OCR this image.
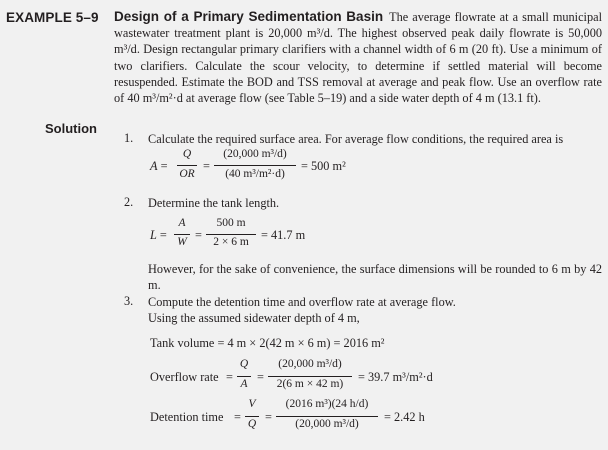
EXAMPLE 5–9 Design of a Primary Sedimentation Basin The average flowrate at a small municipal wastewater treatment plant is 20,000 m³/d. The highest observed peak daily flowrate is 50,000 m³/d. Design rectangular primary clarifiers with a channel width of 6 m (20 ft). Use a minimum of two clarifiers. Calculate the scour velocity, to determine if settled material will become resuspended. Estimate the BOD and TSS removal at average and peak flow. Use an overflow rate of 40 m³/m²·d at average flow (see Table 5–19) and a side water depth of 4 m (13.1 ft).
Solution
1. Calculate the required surface area. For average flow conditions, the required area is
A =
Q
OR
=
(20,000 m³/d)
(40 m³/m²·d)
= 500 m²
2. Determine the tank length.
L =
A
W =
500 m
2 × 6 m = 41.7 m
However, for the sake of convenience, the surface dimensions will be rounded to 6 m by 42 m.
3. Compute the detention time and overflow rate at average flow.
Using the assumed sidewater depth of 4 m,
Tank volume = 4 m × 2(42 m × 6 m) = 2016 m²
Overflow rate =
Q
A =
(20,000 m³/d)
2(6 m × 42 m)	= 39.7 m³/m²·d
Detention time =
V
Q =
(2016 m³)(24 h/d)
(20,000 m³/d)	= 2.42 h
